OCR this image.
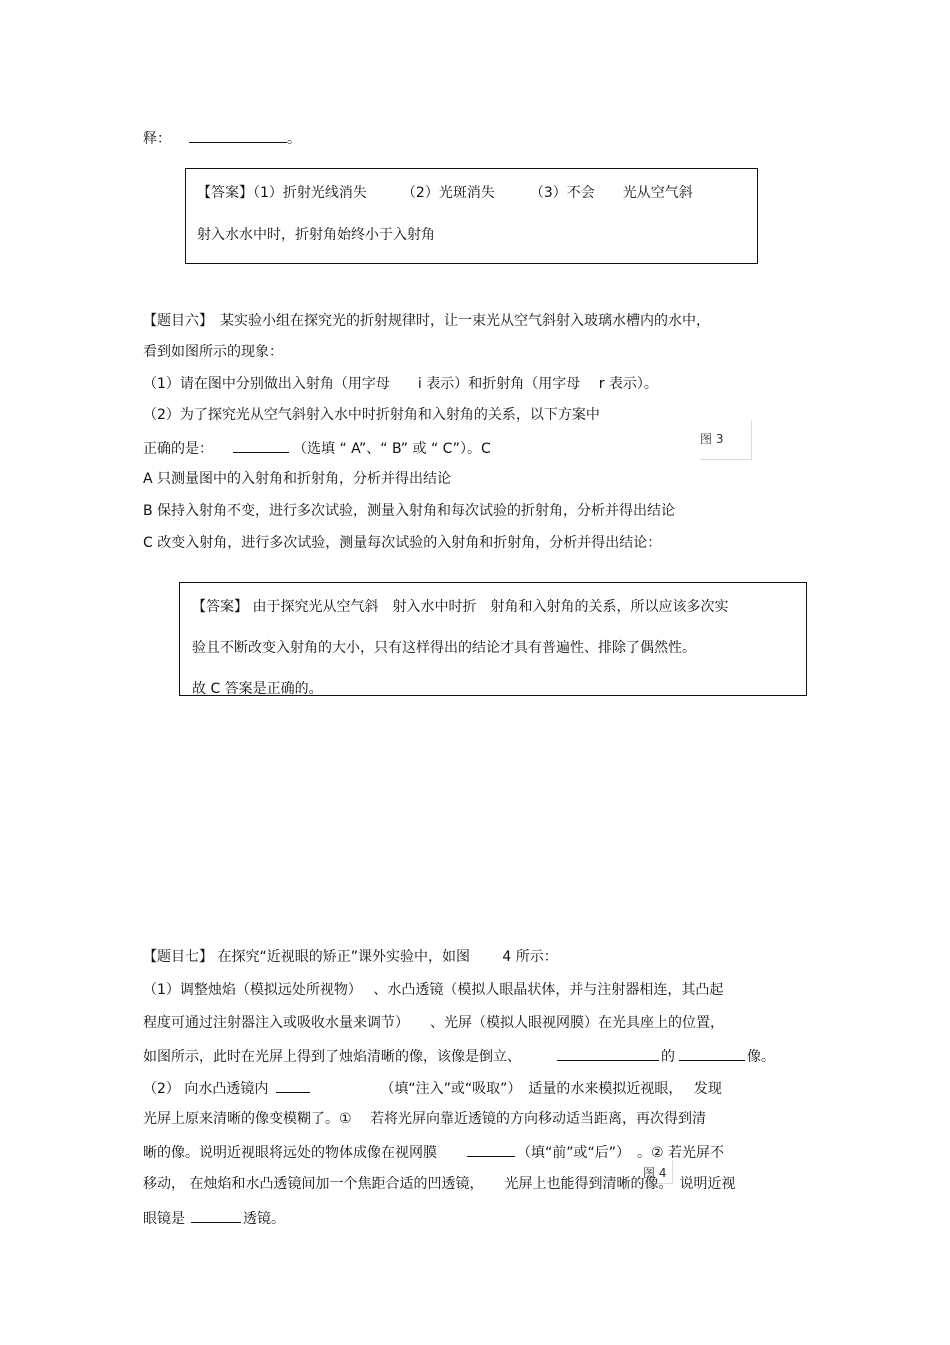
释：	。
【答案】（1）折射光线消失　　　（2）光斑消失　　　（3）不会　　光从空气斜
射入水水中时，折射角始终小于入射角
【题目六】　某实验小组在探究光的折射规律时，让一束光从空气斜射入玻璃水槽内的水中，
看到如图所示的现象：
（1）请在图中分别做出入射角（用字母　　i 表示）和折射角（用字母　 r 表示）。
（2）为了探究光从空气斜射入水中时折射角和入射角的关系，以下方案中
正确的是：	（选填 “ A”、“ B” 或 “ C”）。C
图 3
A 只测量图中的入射角和折射角，分析并得出结论
B 保持入射角不变，进行多次试验，测量入射角和每次试验的折射角，分析并得出结论
C 改变入射角，进行多次试验，测量每次试验的入射角和折射角，分析并得出结论：
【答案】 由于探究光从空气斜　射入水中时折　射角和入射角的关系，所以应该多次实
验且不断改变入射角的大小，只有这样得出的结论才具有普遍性、排除了偶然性。
故 C 答案是正确的。
【题目七】 在探究“近视眼的矫正”课外实验中，如图　　 4 所示：
（1）调整烛焰（模拟远处所视物）　 、水凸透镜（模拟人眼晶状体，并与注射器相连，其凸起
程度可通过注射器注入或吸收水量来调节）　　、光屏（模拟人眼视网膜）在光具座上的位置，
如图所示，此时在光屏上得到了烛焰清晰的像，该像是倒立、	的	像。
（2） 向水凸透镜内	（填“注入”或“吸取”）　适量的水来模拟近视眼，　 发现
光屏上原来清晰的像变模糊了。①　 若将光屏向靠近透镜的方向移动适当距离，再次得到清
晰的像。说明近视眼将远处的物体成像在视网膜	（填“前”或“后”）　。② 若光屏不
图 4
移动， 在烛焰和水凸透镜间加一个焦距合适的凹透镜，　　光屏上也能得到清晰的像。　说明近视
眼镜是	透镜。
